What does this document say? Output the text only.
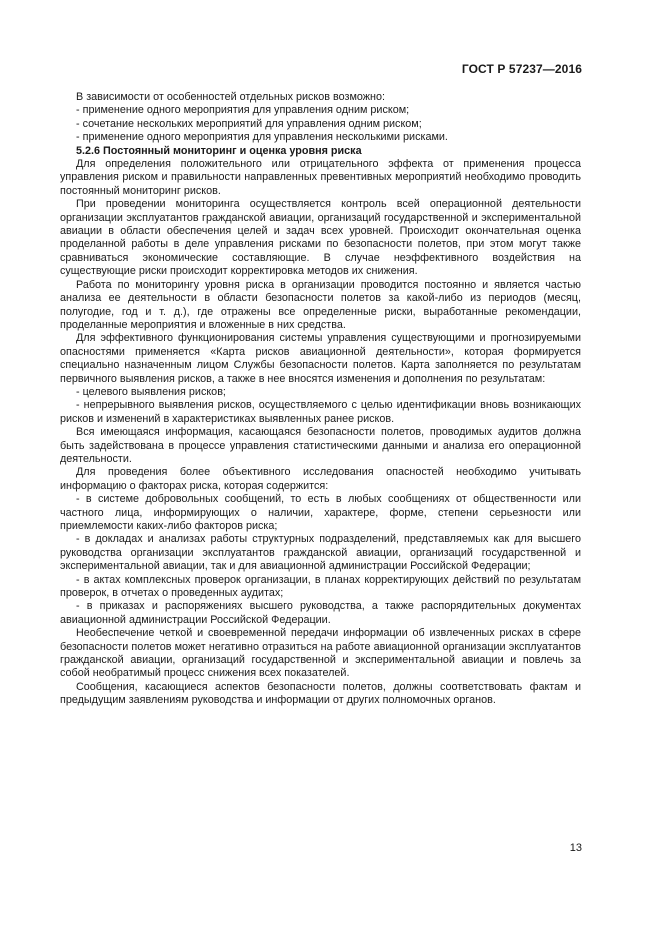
ГОСТ Р 57237—2016

В зависимости от особенностей отдельных рисков возможно:

- применение одного мероприятия для управления одним риском;

- сочетание нескольких мероприятий для управления одним риском;

- применение одного мероприятия для управления несколькими рисками.

5.2.6 Постоянный мониторинг и оценка уровня риска

Для определения положительного или отрицательного эффекта от применения процесса управления риском и правильности направленных превентивных мероприятий необходимо проводить постоянный мониторинг рисков.

При проведении мониторинга осуществляется контроль всей операционной деятельности организации эксплуатантов гражданской авиации, организаций государственной и экспериментальной авиации в области обеспечения целей и задач всех уровней. Происходит окончательная оценка проделанной работы в деле управления рисками по безопасности полетов, при этом могут также сравниваться экономические составляющие. В случае неэффективного воздействия на существующие риски происходит корректировка методов их снижения.

Работа по мониторингу уровня риска в организации проводится постоянно и является частью анализа ее деятельности в области безопасности полетов за какой-либо из периодов (месяц, полугодие, год и т. д.), где отражены все определенные риски, выработанные рекомендации, проделанные мероприятия и вложенные в них средства.

Для эффективного функционирования системы управления существующими и прогнозируемыми опасностями применяется «Карта рисков авиационной деятельности», которая формируется специально назначенным лицом Службы безопасности полетов. Карта заполняется по результатам первичного выявления рисков, а также в нее вносятся изменения и дополнения по результатам:

- целевого выявления рисков;

- непрерывного выявления рисков, осуществляемого с целью идентификации вновь возникающих рисков и изменений в характеристиках выявленных ранее рисков.

Вся имеющаяся информация, касающаяся безопасности полетов, проводимых аудитов должна быть задействована в процессе управления статистическими данными и анализа его операционной деятельности.

Для проведения более объективного исследования опасностей необходимо учитывать информацию о факторах риска, которая содержится:

- в системе добровольных сообщений, то есть в любых сообщениях от общественности или частного лица, информирующих о наличии, характере, форме, степени серьезности или приемлемости каких-либо факторов риска;

- в докладах и анализах работы структурных подразделений, представляемых как для высшего руководства организации эксплуатантов гражданской авиации, организаций государственной и экспериментальной авиации, так и для авиационной администрации Российской Федерации;

- в актах комплексных проверок организации, в планах корректирующих действий по результатам проверок, в отчетах о проведенных аудитах;

- в приказах и распоряжениях высшего руководства, а также распорядительных документах авиационной администрации Российской Федерации.

Необеспечение четкой и своевременной передачи информации об извлеченных рисках в сфере безопасности полетов может негативно отразиться на работе авиационной организации эксплуатантов гражданской авиации, организаций государственной и экспериментальной авиации и повлечь за собой необратимый процесс снижения всех показателей.

Сообщения, касающиеся аспектов безопасности полетов, должны соответствовать фактам и предыдущим заявлениям руководства и информации от других полномочных органов.

13
